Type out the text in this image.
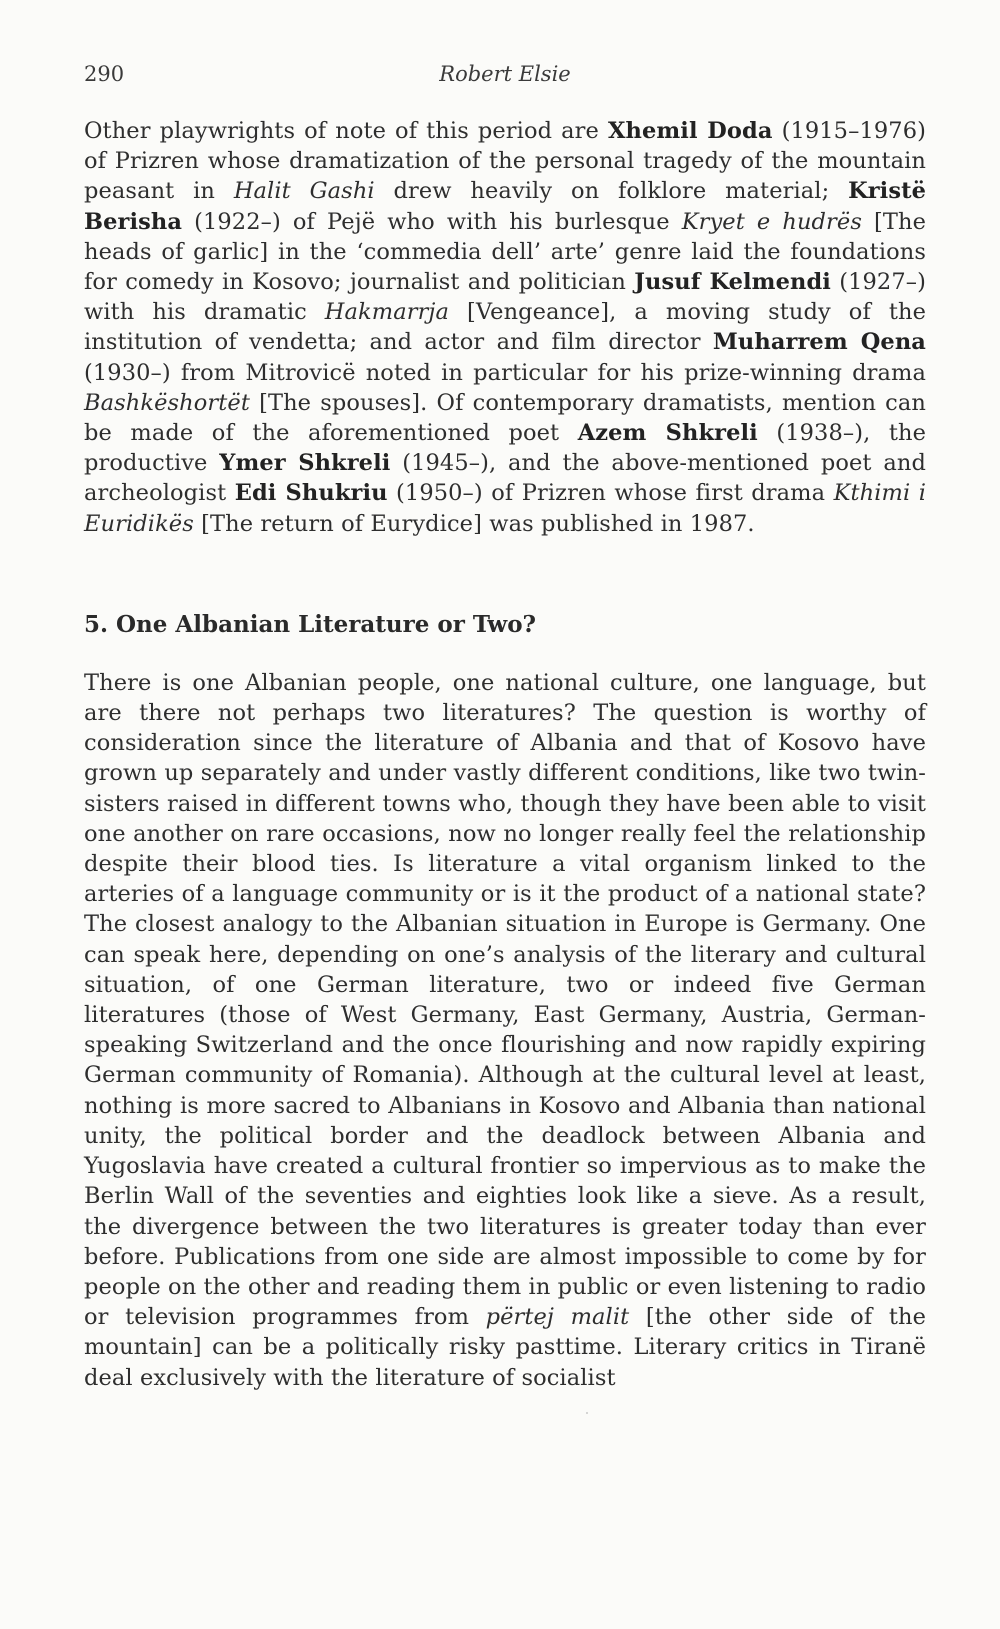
290	Robert Elsie

Other playwrights of note of this period are Xhemil Doda (1915–1976) of Prizren whose dramatization of the personal tragedy of the mountain peasant in Halit Gashi drew heavily on folklore material; Kristë Berisha (1922–) of Pejë who with his burlesque Kryet e hudrës [The heads of garlic] in the ‘commedia dell’ arte’ genre laid the foundations for comedy in Kosovo; journalist and politician Jusuf Kelmendi (1927–) with his dramatic Hakmarrja [Vengeance], a moving study of the institution of vendetta; and actor and film director Muharrem Qena (1930–) from Mitrovicë noted in particular for his prize-winning drama Bashkëshortët [The spouses]. Of contemporary dramatists, mention can be made of the aforementioned poet Azem Shkreli (1938–), the productive Ymer Shkreli (1945–), and the above-mentioned poet and archeologist Edi Shukriu (1950–) of Prizren whose first drama Kthimi i Euridikës [The return of Eurydice] was published in 1987.

5. One Albanian Literature or Two?

There is one Albanian people, one national culture, one language, but are there not perhaps two literatures? The question is worthy of consideration since the literature of Albania and that of Kosovo have grown up separately and under vastly different conditions, like two twin-sisters raised in different towns who, though they have been able to visit one another on rare occasions, now no longer really feel the relationship despite their blood ties. Is literature a vital organism linked to the arteries of a language community or is it the product of a national state? The closest analogy to the Albanian situation in Europe is Germany. One can speak here, depending on one’s analysis of the literary and cultural situation, of one German literature, two or indeed five German literatures (those of West Germany, East Germany, Austria, German-speaking Switzerland and the once flourishing and now rapidly expiring German community of Romania). Although at the cultural level at least, nothing is more sacred to Albanians in Kosovo and Albania than national unity, the political border and the deadlock between Albania and Yugoslavia have created a cultural frontier so impervious as to make the Berlin Wall of the seventies and eighties look like a sieve. As a result, the divergence between the two literatures is greater today than ever before. Publications from one side are almost impossible to come by for people on the other and reading them in public or even listening to radio or television programmes from përtej malit [the other side of the mountain] can be a politically risky pasttime. Literary critics in Tiranë deal exclusively with the literature of socialist
